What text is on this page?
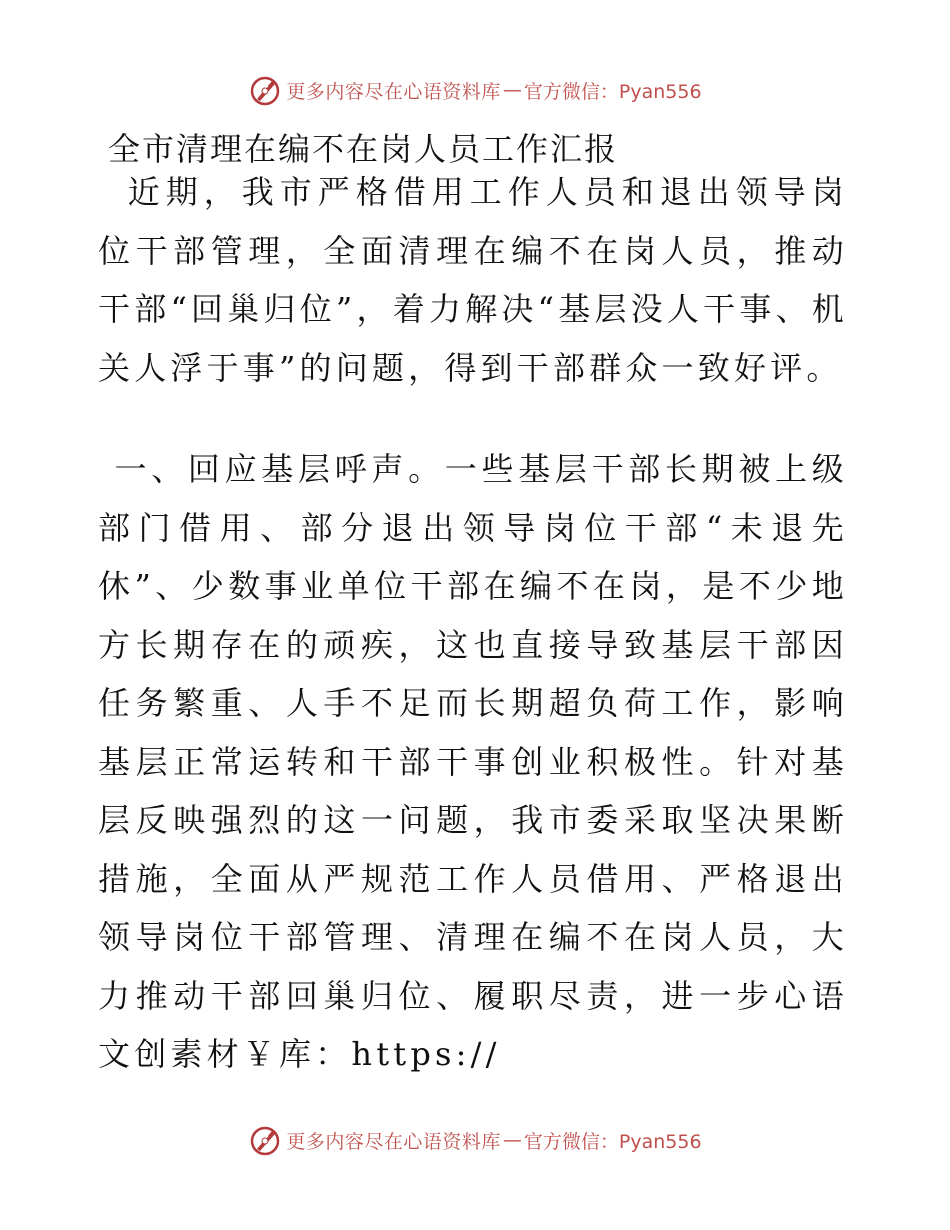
更多内容尽在心语资料库 — 官方微信：Pyan556
全市清理在编不在岗人员工作汇报
近期，我市严格借用工作人员和退出领导岗位干部管理，全面清理在编不在岗人员，推动干部“回巢归位”，着力解决“基层没人干事、机关人浮于事”的问题，得到干部群众一致好评。
一、回应基层呼声。一些基层干部长期被上级部门借用、部分退出领导岗位干部“未退先休”、少数事业单位干部在编不在岗，是不少地方长期存在的顽疾，这也直接导致基层干部因任务繁重、人手不足而长期超负荷工作，影响基层正常运转和干部干事创业积极性。针对基层反映强烈的这一问题，我市委采取坚决果断措施，全面从严规范工作人员借用、严格退出领导岗位干部管理、清理在编不在岗人员，大力推动干部回巢归位、履职尽责，进一步心语文创素材￥库：https://
更多内容尽在心语资料库 — 官方微信：Pyan556
